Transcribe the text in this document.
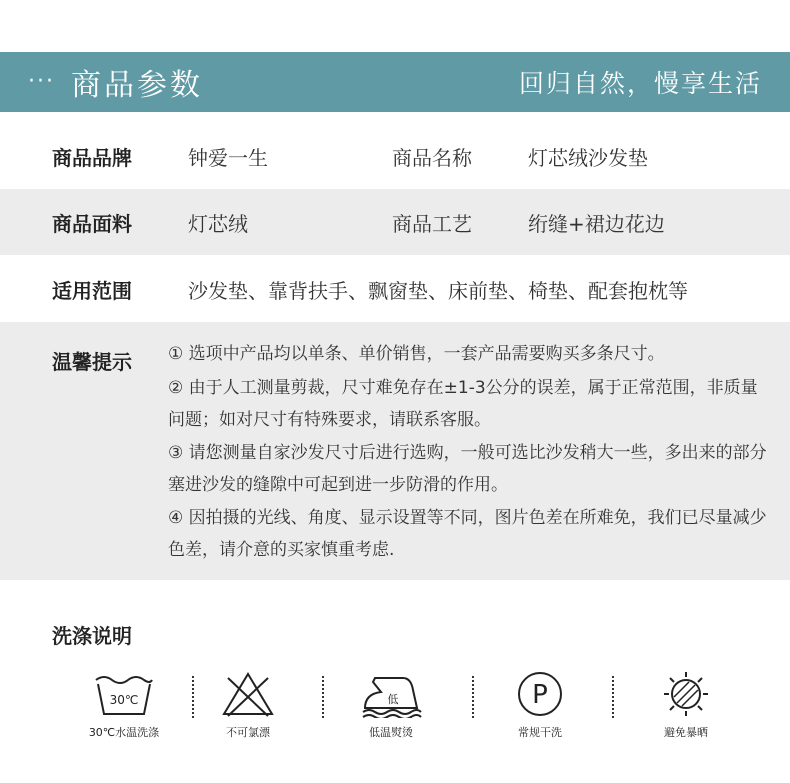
··· 商品参数	回归自然，慢享生活
商品品牌	钟爱一生	商品名称	灯芯绒沙发垫
商品面料	灯芯绒	商品工艺	绗缝+裙边花边
适用范围	沙发垫、靠背扶手、飘窗垫、床前垫、椅垫、配套抱枕等
温馨提示 ① 选项中产品均以单条、单价销售，一套产品需要购买多条尺寸。
② 由于人工测量剪裁，尺寸难免存在±1-3公分的误差，属于正常范围，非质量问题；如对尺寸有特殊要求，请联系客服。
③ 请您测量自家沙发尺寸后进行选购，一般可选比沙发稍大一些，多出来的部分塞进沙发的缝隙中可起到进一步防滑的作用。
④ 因拍摄的光线、角度、显示设置等不同，图片色差在所难免，我们已尽量减少色差，请介意的买家慎重考虑.
洗涤说明
30℃
30℃水温洗涤	不可氯漂
低
低温熨烫
P
常规干洗	避免暴晒
